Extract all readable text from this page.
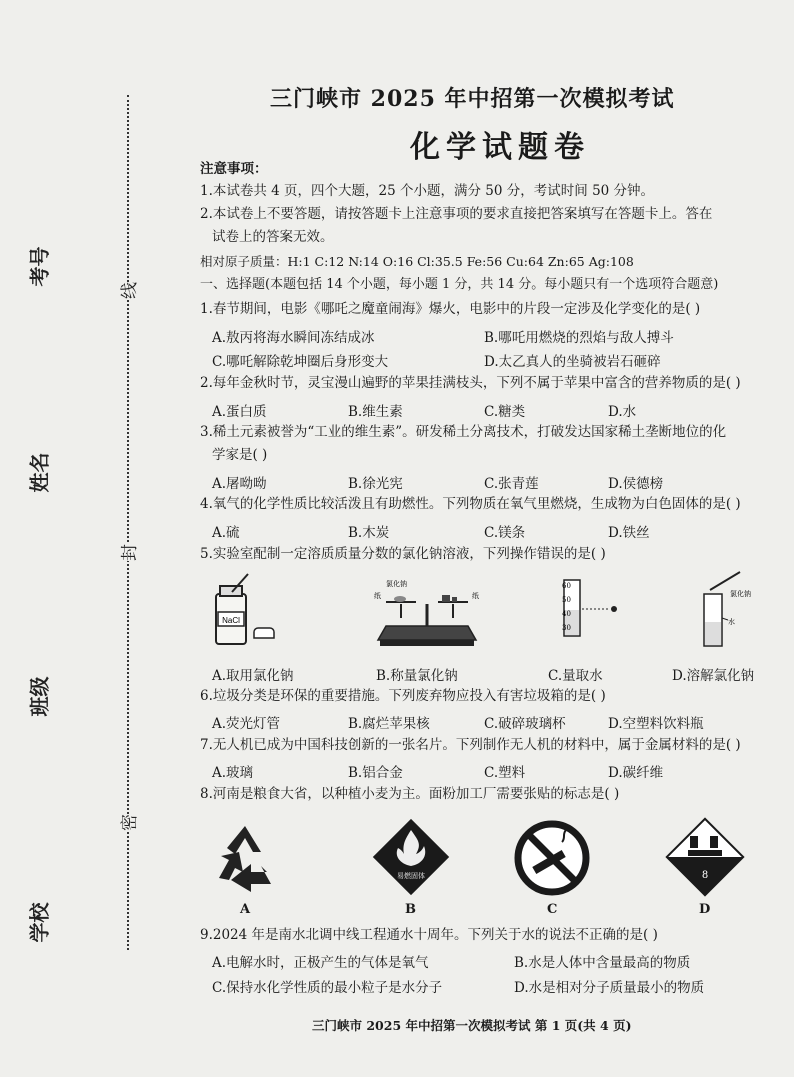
考号
姓名
班级
学校
线
封
密
三门峡市 2025 年中招第一次模拟考试
化学试题卷
注意事项：
1.本试卷共 4 页，四个大题，25 个小题，满分 50 分，考试时间 50 分钟。
2.本试卷上不要答题，请按答题卡上注意事项的要求直接把答案填写在答题卡上。答在
试卷上的答案无效。
相对原子质量：H:1 C:12 N:14 O:16 Cl:35.5 Fe:56 Cu:64 Zn:65 Ag:108
一、选择题(本题包括 14 个小题，每小题 1 分，共 14 分。每小题只有一个选项符合题意)
1.春节期间，电影《哪吒之魔童闹海》爆火，电影中的片段一定涉及化学变化的是( )
A.敖丙将海水瞬间冻结成冰	B.哪吒用燃烧的烈焰与敌人搏斗
C.哪吒解除乾坤圈后身形变大	D.太乙真人的坐骑被岩石砸碎
2.每年金秋时节，灵宝漫山遍野的苹果挂满枝头，下列不属于苹果中富含的营养物质的是( )
A.蛋白质	B.维生素	C.糖类	D.水
3.稀土元素被誉为“工业的维生素”。研发稀土分离技术，打破发达国家稀土垄断地位的化
学家是( )
A.屠呦呦	B.徐光宪	C.张青莲	D.侯德榜
4.氧气的化学性质比较活泼且有助燃性。下列物质在氧气里燃烧，生成物为白色固体的是( )
A.硫	B.木炭	C.镁条	D.铁丝
5.实验室配制一定溶质质量分数的氯化钠溶液，下列操作错误的是( )
NaCl
氯化钠
纸	纸
60
50
40
30
氯化钠
水
A.取用氯化钠	B.称量氯化钠	C.量取水	D.溶解氯化钠
6.垃圾分类是环保的重要措施。下列废弃物应投入有害垃圾箱的是( )
A.荧光灯管	B.腐烂苹果核	C.破碎玻璃杯	D.空塑料饮料瓶
7.无人机已成为中国科技创新的一张名片。下列制作无人机的材料中，属于金属材料的是( )
A.玻璃	B.铝合金	C.塑料	D.碳纤维
8.河南是粮食大省，以种植小麦为主。面粉加工厂需要张贴的标志是( )
A
易燃固体
B	C
8
D
9.2024 年是南水北调中线工程通水十周年。下列关于水的说法不正确的是( )
A.电解水时，正极产生的气体是氧气	B.水是人体中含量最高的物质
C.保持水化学性质的最小粒子是水分子	D.水是相对分子质量最小的物质
三门峡市 2025 年中招第一次模拟考试 第 1 页(共 4 页)
